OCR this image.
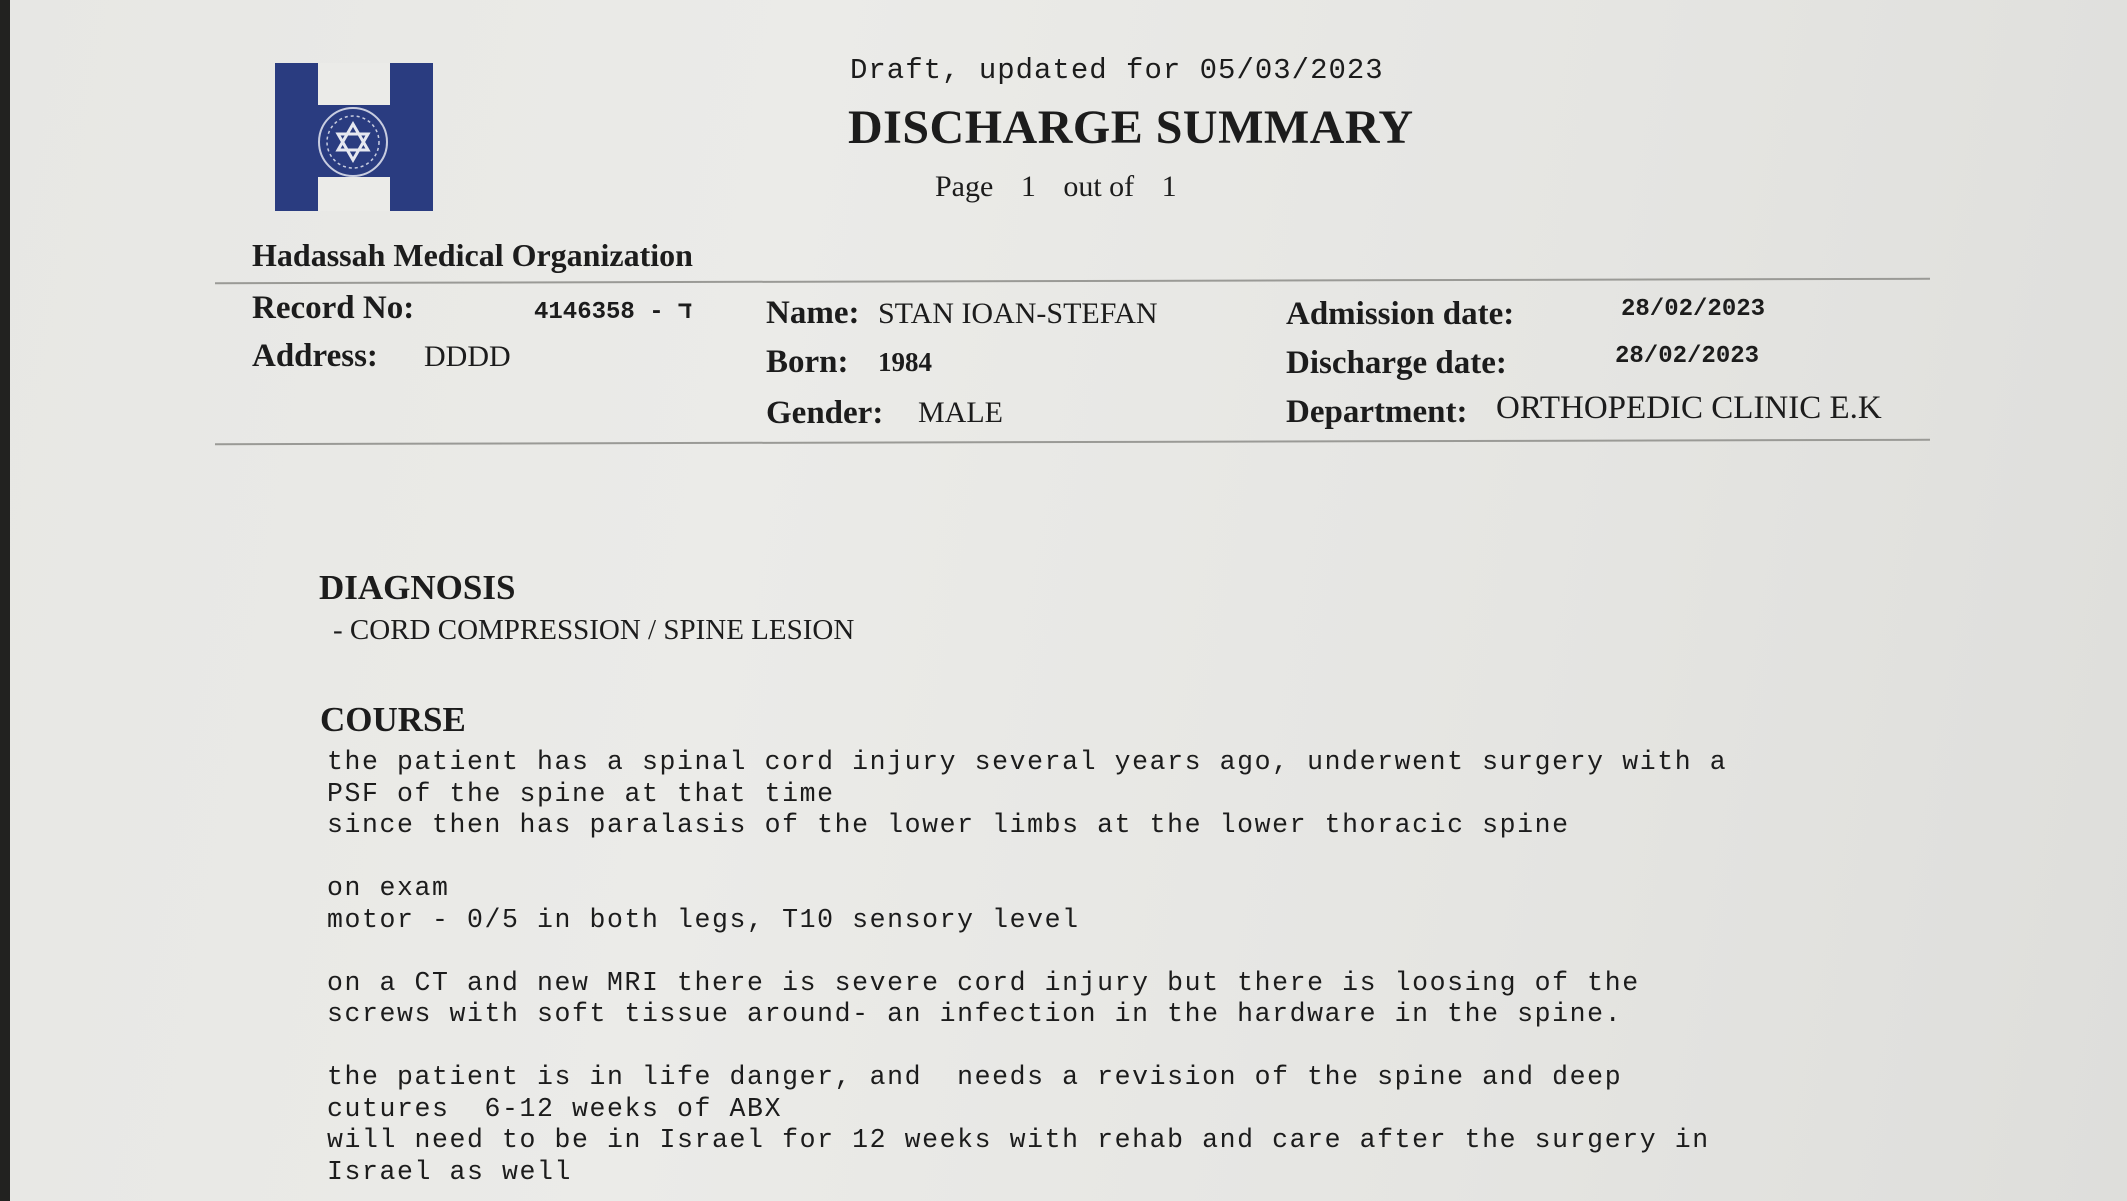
Draft, updated for 05/03/2023
DISCHARGE SUMMARY
Page 1 out of 1
Hadassah Medical Organization
Record No:	414635ד - 8
Address: DDDD
Name: STAN IOAN-STEFAN
Born: 1984
Gender: MALE
Admission date:	28/02/2023
Discharge date:	28/02/2023
Department: ORTHOPEDIC CLINIC E.K
DIAGNOSIS
- CORD COMPRESSION / SPINE LESION
COURSE
the patient has a spinal cord injury several years ago, underwent surgery with a
PSF of the spine at that time
since then has paralasis of the lower limbs at the lower thoracic spine

on exam
motor - 0/5 in both legs, T10 sensory level

on a CT and new MRI there is severe cord injury but there is loosing of the
screws with soft tissue around- an infection in the hardware in the spine.

the patient is in life danger, and  needs a revision of the spine and deep
cutures  6-12 weeks of ABX
will need to be in Israel for 12 weeks with rehab and care after the surgery in
Israel as well
